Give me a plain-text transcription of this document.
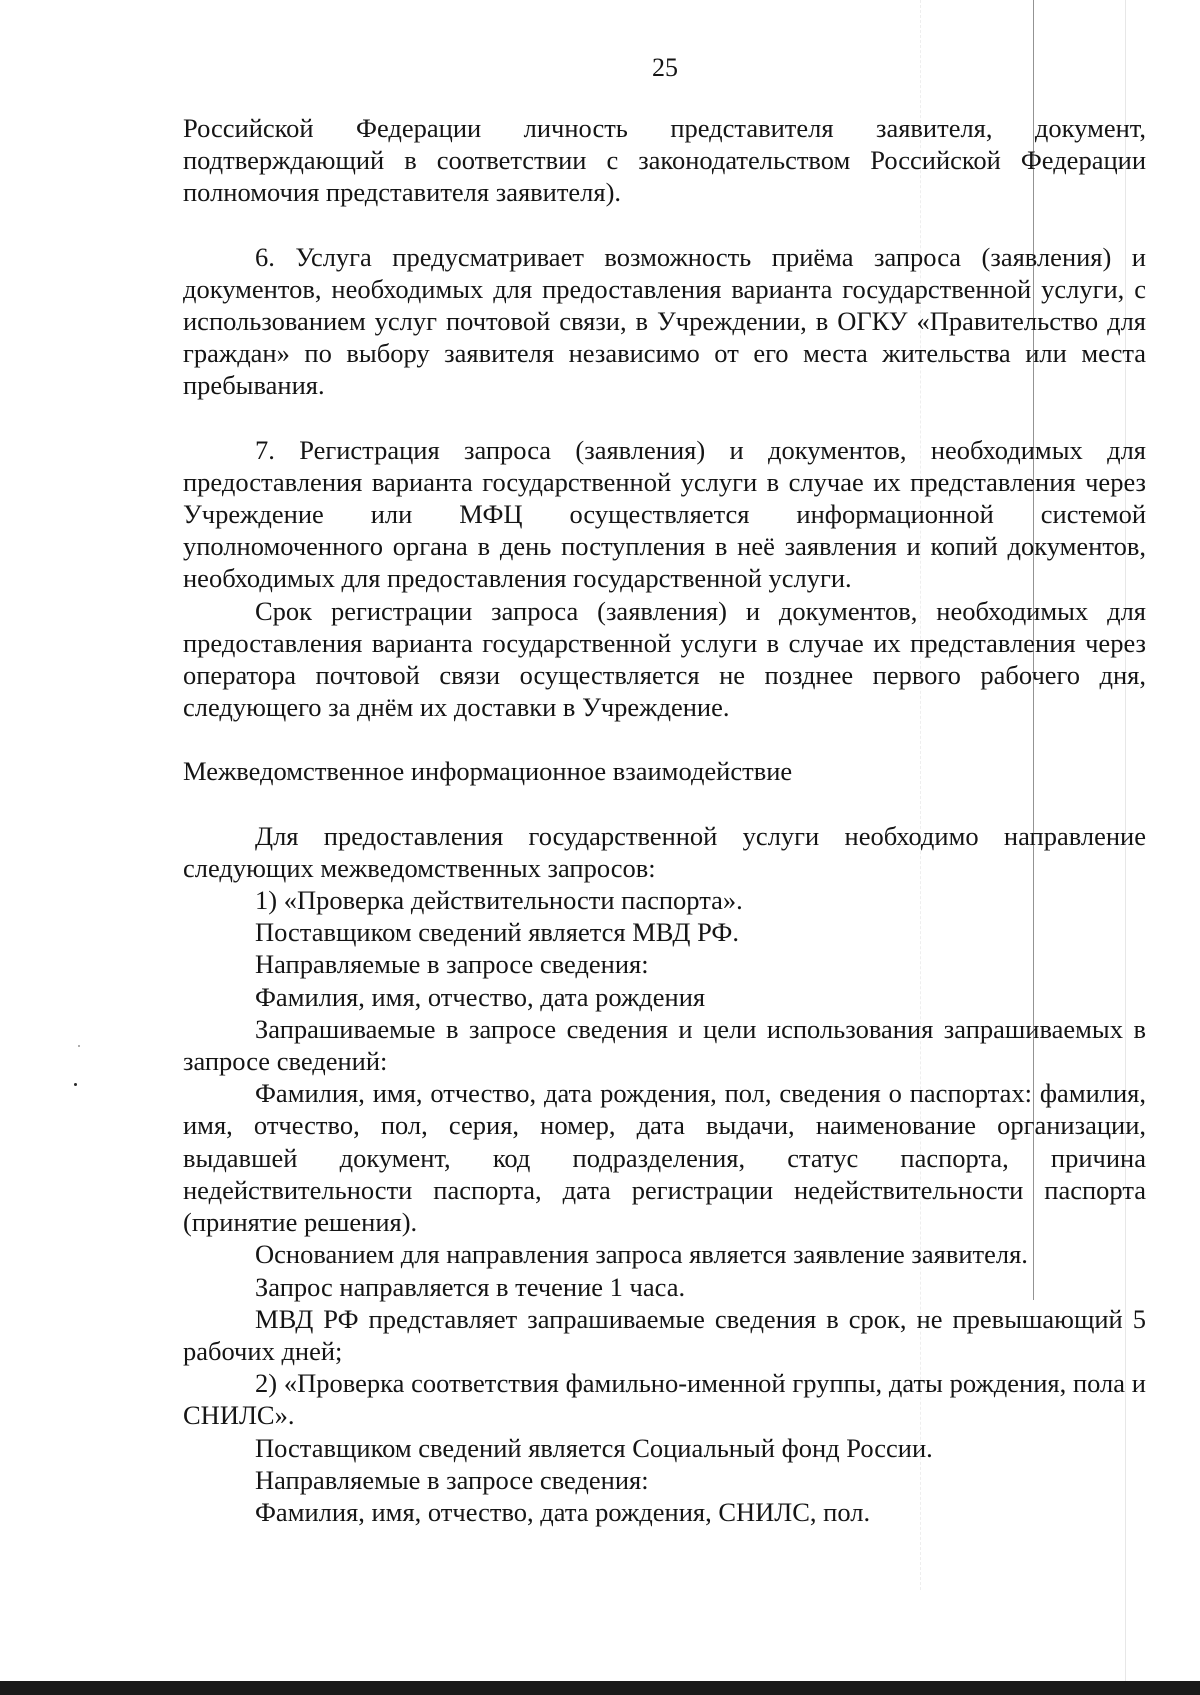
25

Российской Федерации личность представителя заявителя, документ, подтверждающий в соответствии с законодательством Российской Федерации полномочия представителя заявителя).

6. Услуга предусматривает возможность приёма запроса (заявления) и документов, необходимых для предоставления варианта государственной услуги, с использованием услуг почтовой связи, в Учреждении, в ОГКУ «Правительство для граждан» по выбору заявителя независимо от его места жительства или места пребывания.

7. Регистрация запроса (заявления) и документов, необходимых для предоставления варианта государственной услуги в случае их представления через Учреждение или МФЦ осуществляется информационной системой уполномоченного органа в день поступления в неё заявления и копий документов, необходимых для предоставления государственной услуги.

Срок регистрации запроса (заявления) и документов, необходимых для предоставления варианта государственной услуги в случае их представления через оператора почтовой связи осуществляется не позднее первого рабочего дня, следующего за днём их доставки в Учреждение.

Межведомственное информационное взаимодействие

Для предоставления государственной услуги необходимо направление следующих межведомственных запросов:

1) «Проверка действительности паспорта».

Поставщиком сведений является МВД РФ.

Направляемые в запросе сведения:

Фамилия, имя, отчество, дата рождения

Запрашиваемые в запросе сведения и цели использования запрашиваемых в запросе сведений:

Фамилия, имя, отчество, дата рождения, пол, сведения о паспортах: фамилия, имя, отчество, пол, серия, номер, дата выдачи, наименование организации, выдавшей документ, код подразделения, статус паспорта, причина недействительности паспорта, дата регистрации недействительности паспорта (принятие решения).

Основанием для направления запроса является заявление заявителя.

Запрос направляется в течение 1 часа.

МВД РФ представляет запрашиваемые сведения в срок, не превышающий 5 рабочих дней;

2) «Проверка соответствия фамильно-именной группы, даты рождения, пола и СНИЛС».

Поставщиком сведений является Социальный фонд России.

Направляемые в запросе сведения:

Фамилия, имя, отчество, дата рождения, СНИЛС, пол.
